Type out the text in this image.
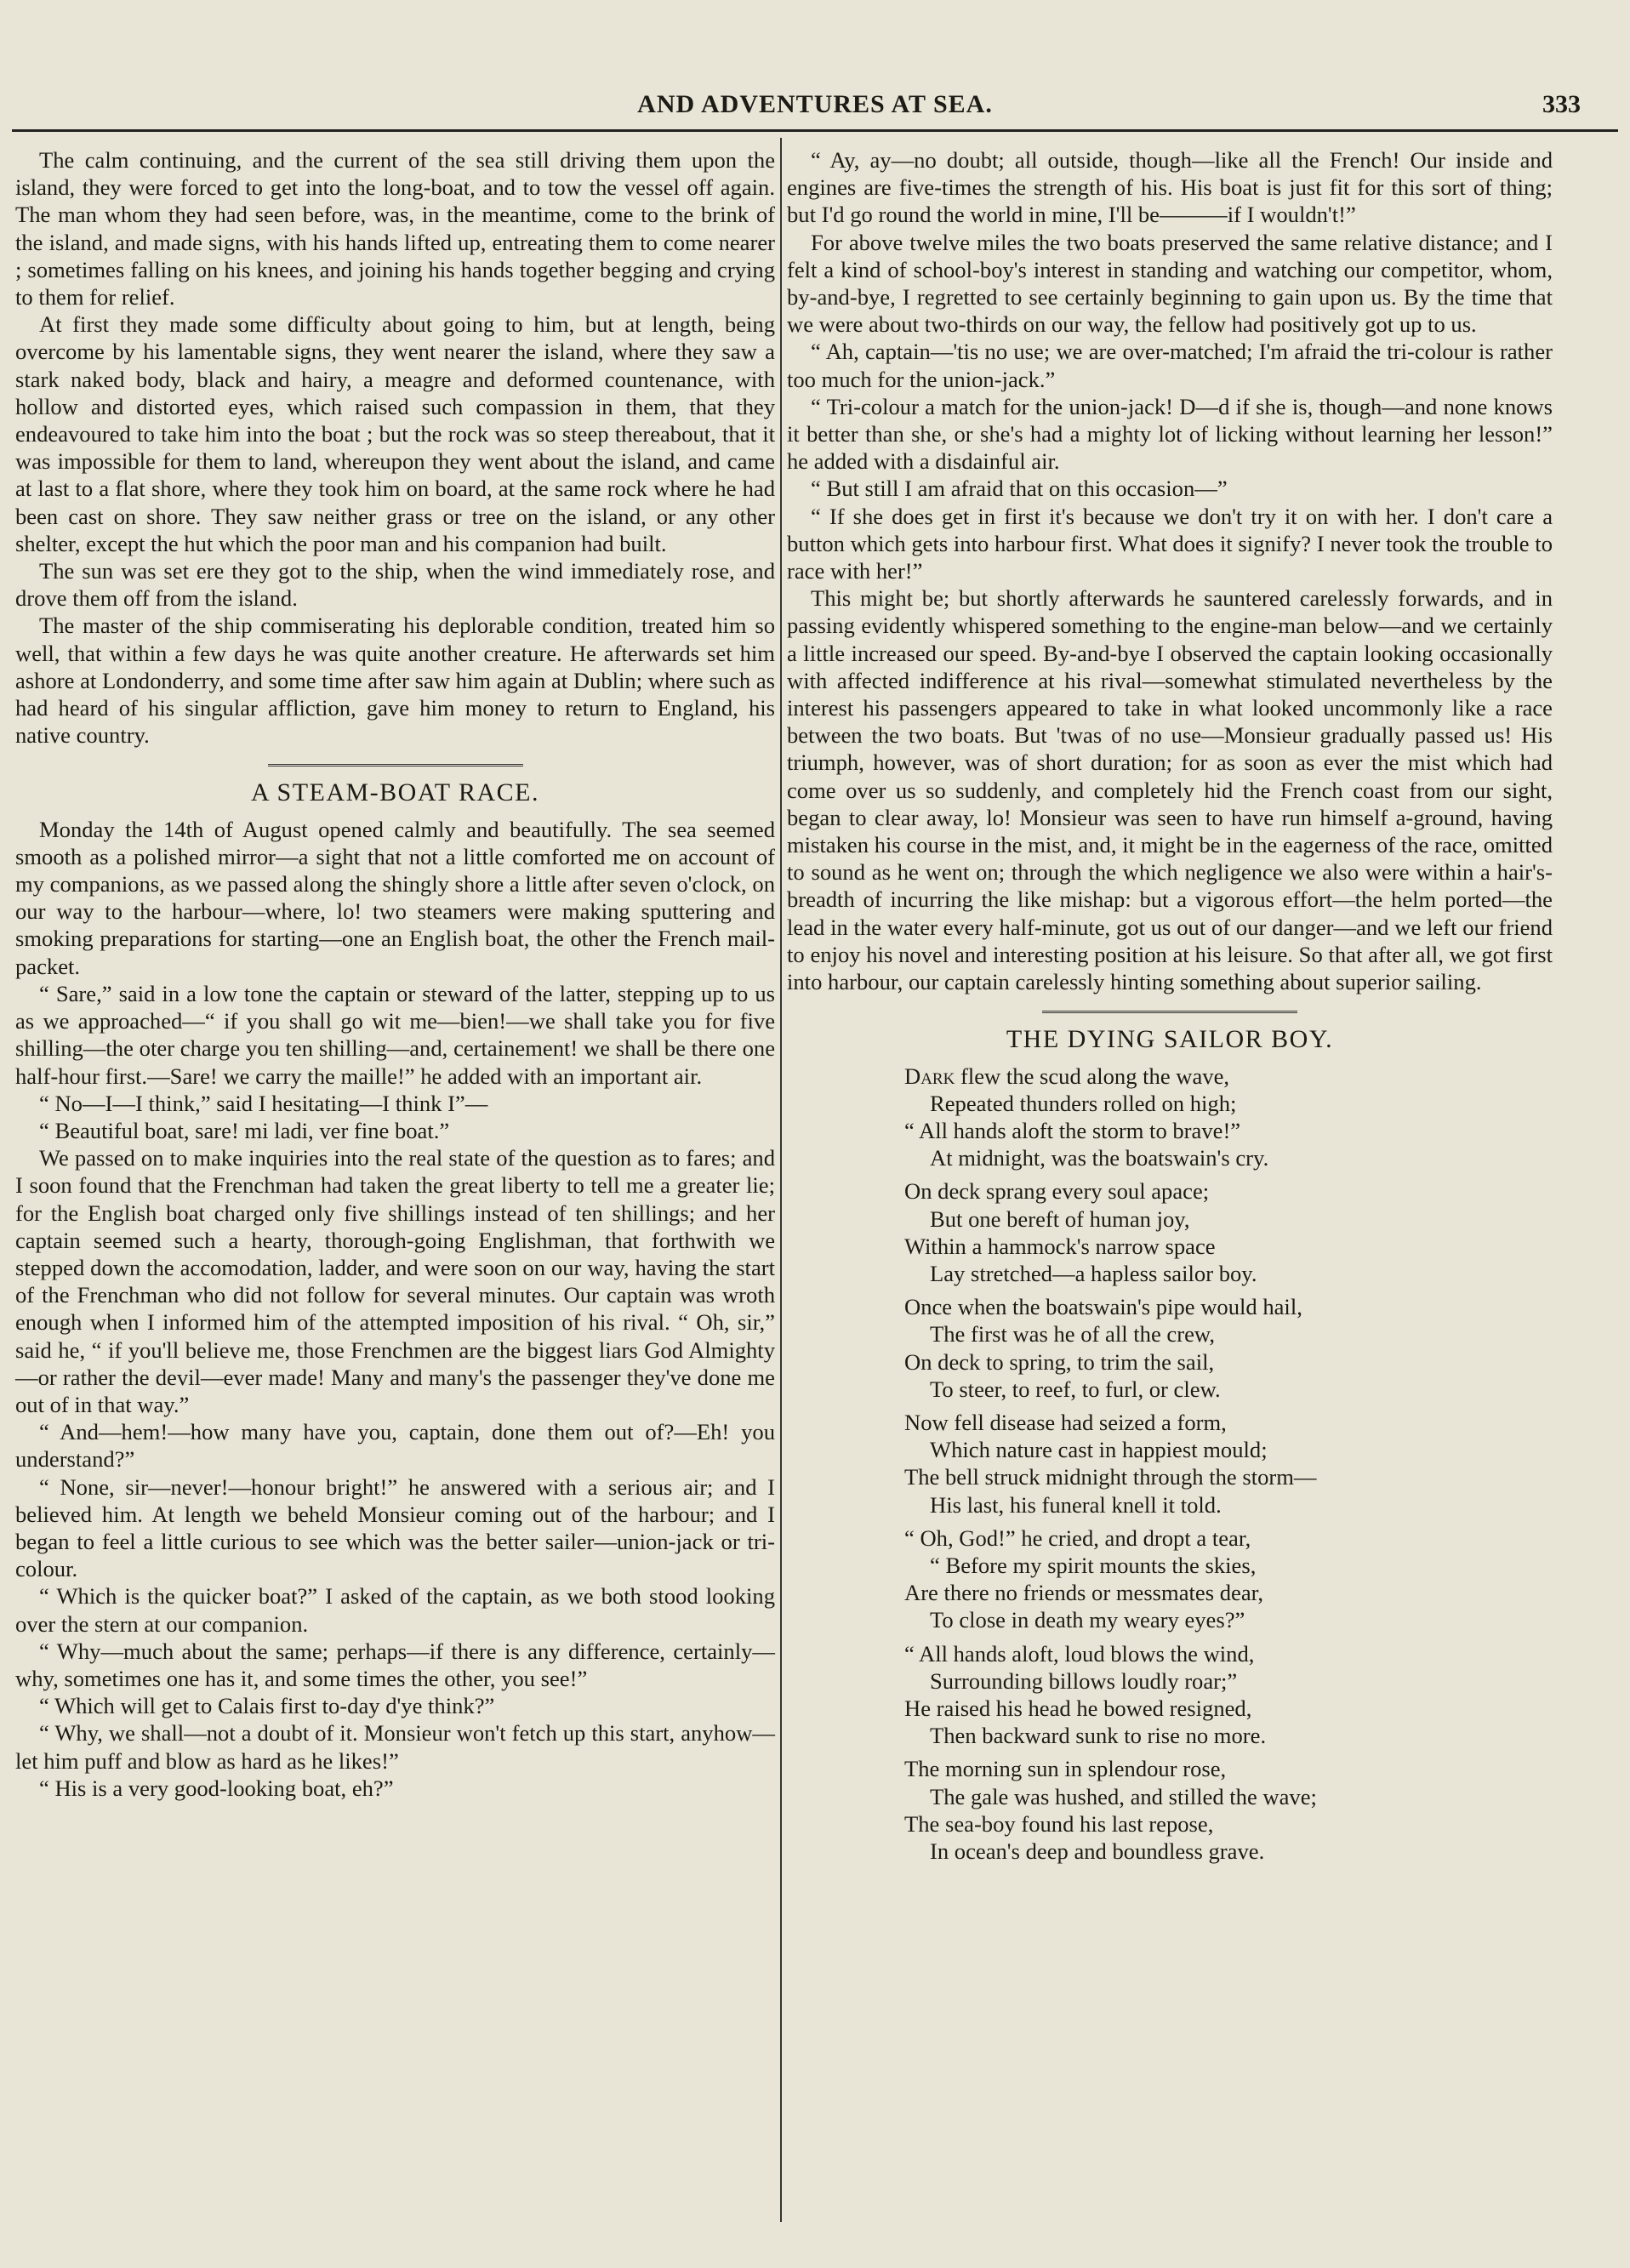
AND ADVENTURES AT SEA.	333

The calm continuing, and the current of the sea still driving them upon the island, they were forced to get into the long-boat, and to tow the vessel off again. The man whom they had seen before, was, in the meantime, come to the brink of the island, and made signs, with his hands lifted up, entreating them to come nearer ; sometimes falling on his knees, and joining his hands together begging and crying to them for relief.

At first they made some difficulty about going to him, but at length, being overcome by his lamentable signs, they went nearer the island, where they saw a stark naked body, black and hairy, a meagre and deformed countenance, with hollow and distorted eyes, which raised such compassion in them, that they endeavoured to take him into the boat ; but the rock was so steep thereabout, that it was impossible for them to land, whereupon they went about the island, and came at last to a flat shore, where they took him on board, at the same rock where he had been cast on shore. They saw neither grass or tree on the island, or any other shelter, except the hut which the poor man and his companion had built.

The sun was set ere they got to the ship, when the wind immediately rose, and drove them off from the island.

The master of the ship commiserating his deplorable condition, treated him so well, that within a few days he was quite another creature. He afterwards set him ashore at Londonderry, and some time after saw him again at Dublin; where such as had heard of his singular affliction, gave him money to return to England, his native country.

A STEAM-BOAT RACE.

Monday the 14th of August opened calmly and beautifully. The sea seemed smooth as a polished mirror—a sight that not a little comforted me on account of my companions, as we passed along the shingly shore a little after seven o'clock, on our way to the harbour—where, lo! two steamers were making sputtering and smoking preparations for starting—one an English boat, the other the French mail-packet.

“ Sare,” said in a low tone the captain or steward of the latter, stepping up to us as we approached—“ if you shall go wit me—bien!—we shall take you for five shilling—the oter charge you ten shilling—and, certainement! we shall be there one half-hour first.—Sare! we carry the maille!” he added with an important air.

“ No—I—I think,” said I hesitating—I think I”—

“ Beautiful boat, sare! mi ladi, ver fine boat.”

We passed on to make inquiries into the real state of the question as to fares; and I soon found that the Frenchman had taken the great liberty to tell me a greater lie; for the English boat charged only five shillings instead of ten shillings; and her captain seemed such a hearty, thorough-going Englishman, that forthwith we stepped down the accomodation, ladder, and were soon on our way, having the start of the Frenchman who did not follow for several minutes. Our captain was wroth enough when I informed him of the attempted imposition of his rival. “ Oh, sir,” said he, “ if you'll believe me, those Frenchmen are the biggest liars God Almighty—or rather the devil—ever made! Many and many's the passenger they've done me out of in that way.”

“ And—hem!—how many have you, captain, done them out of?—Eh! you understand?”

“ None, sir—never!—honour bright!” he answered with a serious air; and I believed him. At length we beheld Monsieur coming out of the harbour; and I began to feel a little curious to see which was the better sailer—union-jack or tri-colour.

“ Which is the quicker boat?” I asked of the captain, as we both stood looking over the stern at our companion.

“ Why—much about the same; perhaps—if there is any difference, certainly—why, sometimes one has it, and some times the other, you see!”

“ Which will get to Calais first to-day d'ye think?”

“ Why, we shall—not a doubt of it. Monsieur won't fetch up this start, anyhow—let him puff and blow as hard as he likes!”

“ His is a very good-looking boat, eh?”

“ Ay, ay—no doubt; all outside, though—like all the French! Our inside and engines are five-times the strength of his. His boat is just fit for this sort of thing; but I'd go round the world in mine, I'll be———if I wouldn't!”

For above twelve miles the two boats preserved the same relative distance; and I felt a kind of school-boy's interest in standing and watching our competitor, whom, by-and-bye, I regretted to see certainly beginning to gain upon us. By the time that we were about two-thirds on our way, the fellow had positively got up to us.

“ Ah, captain—'tis no use; we are over-matched; I'm afraid the tri-colour is rather too much for the union-jack.”

“ Tri-colour a match for the union-jack! D—d if she is, though—and none knows it better than she, or she's had a mighty lot of licking without learning her lesson!” he added with a disdainful air.

“ But still I am afraid that on this occasion—”

“ If she does get in first it's because we don't try it on with her. I don't care a button which gets into harbour first. What does it signify? I never took the trouble to race with her!”

This might be; but shortly afterwards he sauntered carelessly forwards, and in passing evidently whispered something to the engine-man below—and we certainly a little increased our speed. By-and-bye I observed the captain looking occasionally with affected indifference at his rival—somewhat stimulated nevertheless by the interest his passengers appeared to take in what looked uncommonly like a race between the two boats. But 'twas of no use—Monsieur gradually passed us! His triumph, however, was of short duration; for as soon as ever the mist which had come over us so suddenly, and completely hid the French coast from our sight, began to clear away, lo! Monsieur was seen to have run himself a-ground, having mistaken his course in the mist, and, it might be in the eagerness of the race, omitted to sound as he went on; through the which negligence we also were within a hair's-breadth of incurring the like mishap: but a vigorous effort—the helm ported—the lead in the water every half-minute, got us out of our danger—and we left our friend to enjoy his novel and interesting position at his leisure. So that after all, we got first into harbour, our captain carelessly hinting something about superior sailing.

THE DYING SAILOR BOY.
Dark flew the scud along the wave,
Repeated thunders rolled on high;
“ All hands aloft the storm to brave!”
At midnight, was the boatswain's cry.
On deck sprang every soul apace;
But one bereft of human joy,
Within a hammock's narrow space
Lay stretched—a hapless sailor boy.
Once when the boatswain's pipe would hail,
The first was he of all the crew,
On deck to spring, to trim the sail,
To steer, to reef, to furl, or clew.
Now fell disease had seized a form,
Which nature cast in happiest mould;
The bell struck midnight through the storm—
His last, his funeral knell it told.
“ Oh, God!” he cried, and dropt a tear,
“ Before my spirit mounts the skies,
Are there no friends or messmates dear,
To close in death my weary eyes?”
“ All hands aloft, loud blows the wind,
Surrounding billows loudly roar;”
He raised his head he bowed resigned,
Then backward sunk to rise no more.
The morning sun in splendour rose,
The gale was hushed, and stilled the wave;
The sea-boy found his last repose,
In ocean's deep and boundless grave.
